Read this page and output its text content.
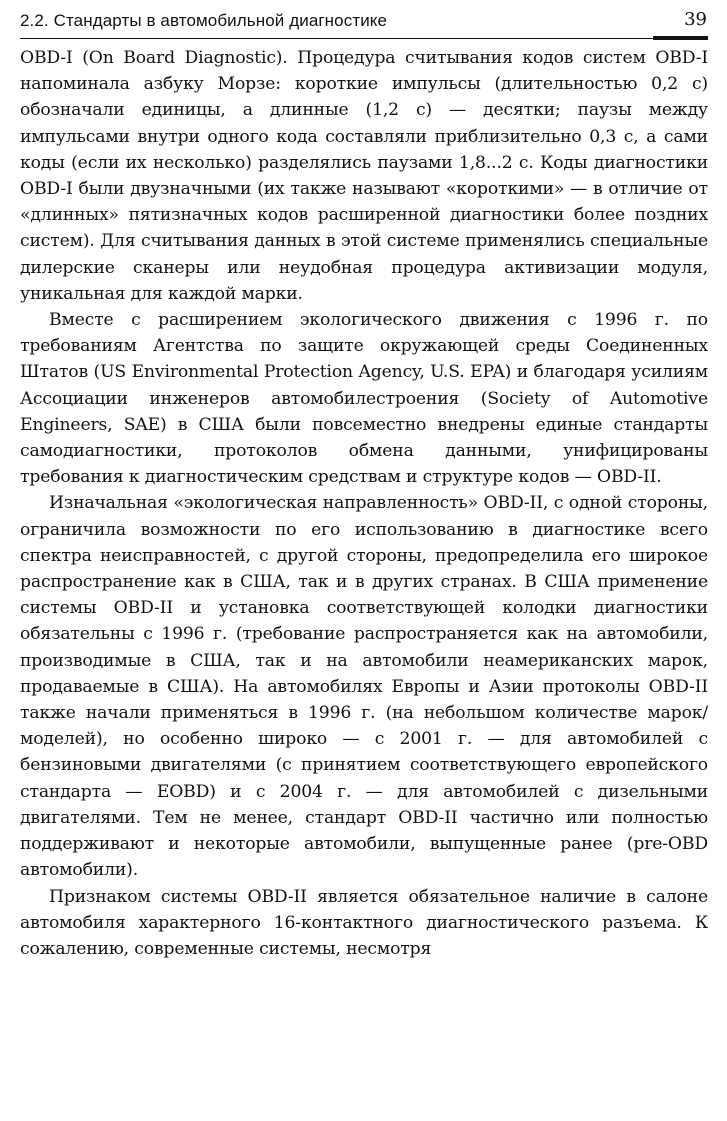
2.2. Стандарты в автомобильной диагностике	39

OBD-I (On Board Diagnostic). Процедура считывания кодов систем OBD-I напоминала азбуку Морзе: короткие импульсы (длительностью 0,2 с) обозначали единицы, а длинные (1,2 с) — десятки; паузы между импульсами внутри одного кода составляли приблизительно 0,3 с, а сами коды (если их несколько) разделялись паузами 1,8...2 с. Коды диагностики OBD-I были двузначными (их также называют «короткими» — в отличие от «длинных» пятизначных кодов расширенной диагностики более поздних систем). Для считывания данных в этой системе применялись специальные дилерские сканеры или неудобная процедура активизации модуля, уникальная для каждой марки.

Вместе с расширением экологического движения с 1996 г. по требованиям Агентства по защите окружающей среды Соединенных Штатов (US Environmental Protection Agency, U.S. EPA) и благодаря усилиям Ассоциации инженеров автомобилестроения (Society of Automotive Engineers, SAE) в США были повсеместно внедрены единые стандарты самодиагностики, протоколов обмена данными, унифицированы требования к диагностическим средствам и структуре кодов — OBD-II.

Изначальная «экологическая направленность» OBD-II, с одной стороны, ограничила возможности по его использованию в диагностике всего спектра неисправностей, с другой стороны, предопределила его широкое распространение как в США, так и в других странах. В США применение системы OBD-II и установка соответствующей колодки диагностики обязательны с 1996 г. (требование распространяется как на автомобили, производимые в США, так и на автомобили неамериканских марок, продаваемые в США). На автомобилях Европы и Азии протоколы OBD-II также начали применяться в 1996 г. (на небольшом количестве марок/моделей), но особенно широко — с 2001 г. — для автомобилей с бензиновыми двигателями (с принятием соответствующего европейского стандарта — EOBD) и с 2004 г. — для автомобилей с дизельными двигателями. Тем не менее, стандарт OBD-II частично или полностью поддерживают и некоторые автомобили, выпущенные ранее (pre-OBD автомобили).

Признаком системы OBD-II является обязательное наличие в салоне автомобиля характерного 16-контактного диагностического разъема. К сожалению, современные системы, несмотря
